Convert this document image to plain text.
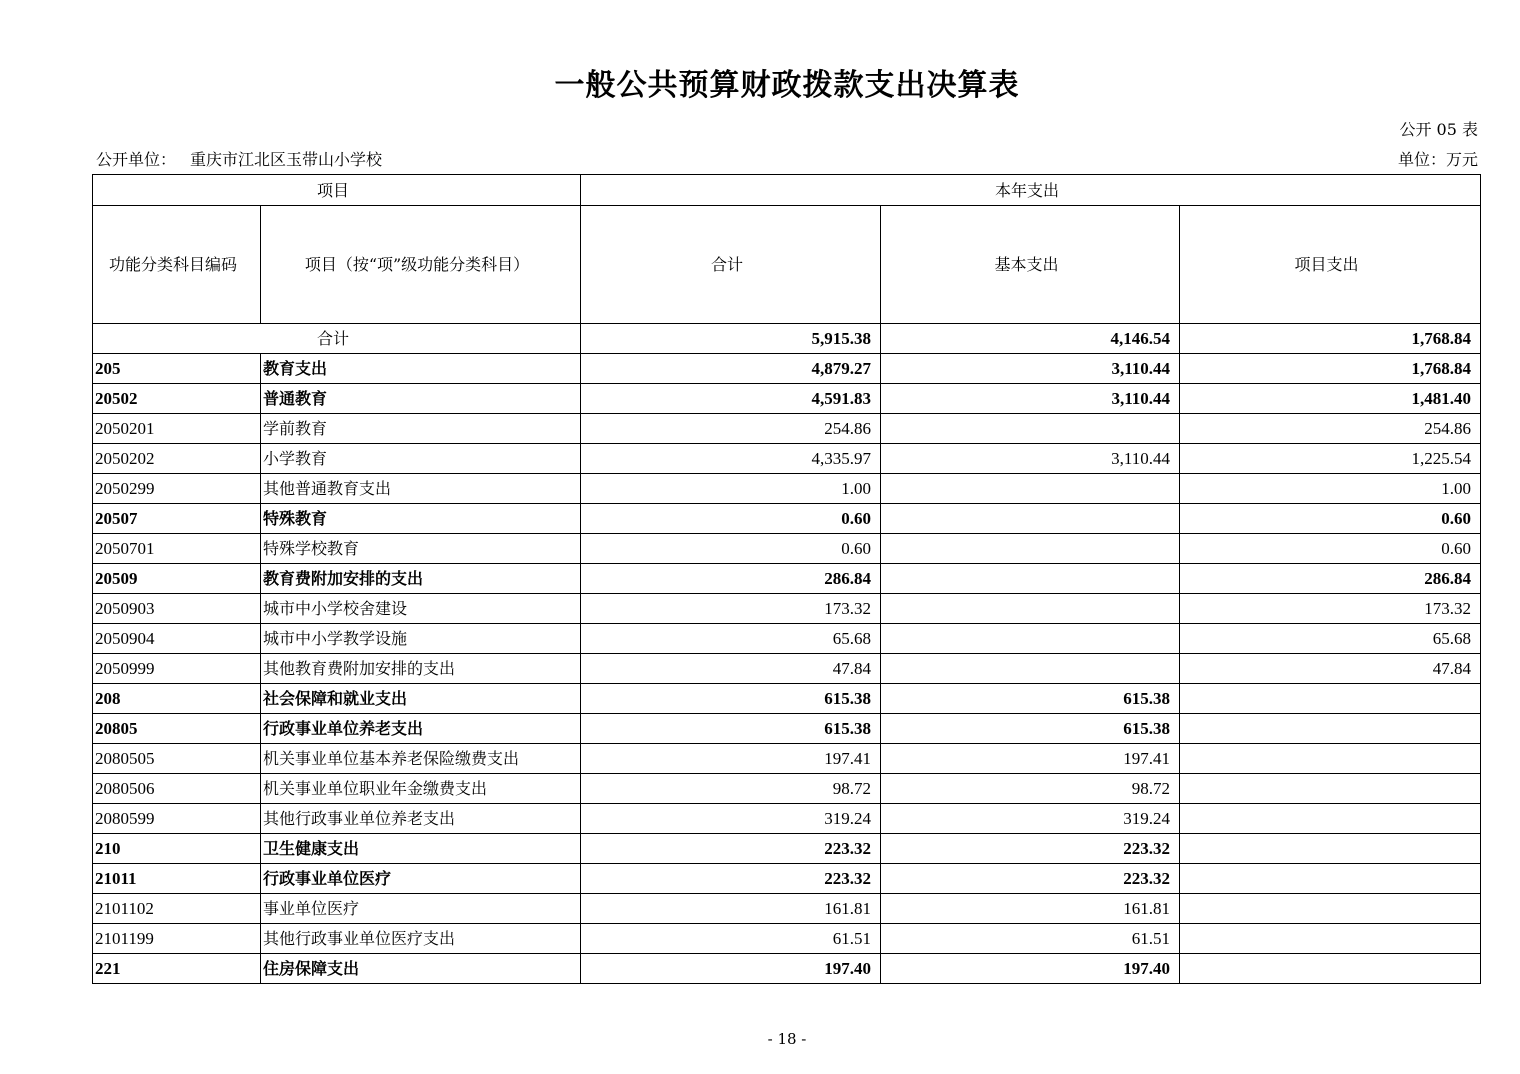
一般公共预算财政拨款支出决算表
公开 05 表
公开单位： 重庆市江北区玉带山小学校	单位：万元
项目		本年支出		
功能分类科目编码	项目（按“项”级功能分类科目）	合计	基本支出	项目支出
合计		5,915.38	4,146.54	1,768.84
205	教育支出	4,879.27	3,110.44	1,768.84
20502	普通教育	4,591.83	3,110.44	1,481.40
2050201	学前教育	254.86		254.86
2050202	小学教育	4,335.97	3,110.44	1,225.54
2050299	其他普通教育支出	1.00		1.00
20507	特殊教育	0.60		0.60
2050701	特殊学校教育	0.60		0.60
20509	教育费附加安排的支出	286.84		286.84
2050903	城市中小学校舍建设	173.32		173.32
2050904	城市中小学教学设施	65.68		65.68
2050999	其他教育费附加安排的支出	47.84		47.84
208	社会保障和就业支出	615.38	615.38	
20805	行政事业单位养老支出	615.38	615.38	
2080505	机关事业单位基本养老保险缴费支出	197.41	197.41	
2080506	机关事业单位职业年金缴费支出	98.72	98.72	
2080599	其他行政事业单位养老支出	319.24	319.24	
210	卫生健康支出	223.32	223.32	
21011	行政事业单位医疗	223.32	223.32	
2101102	事业单位医疗	161.81	161.81	
2101199	其他行政事业单位医疗支出	61.51	61.51	
221	住房保障支出	197.40	197.40	
- 18 -
